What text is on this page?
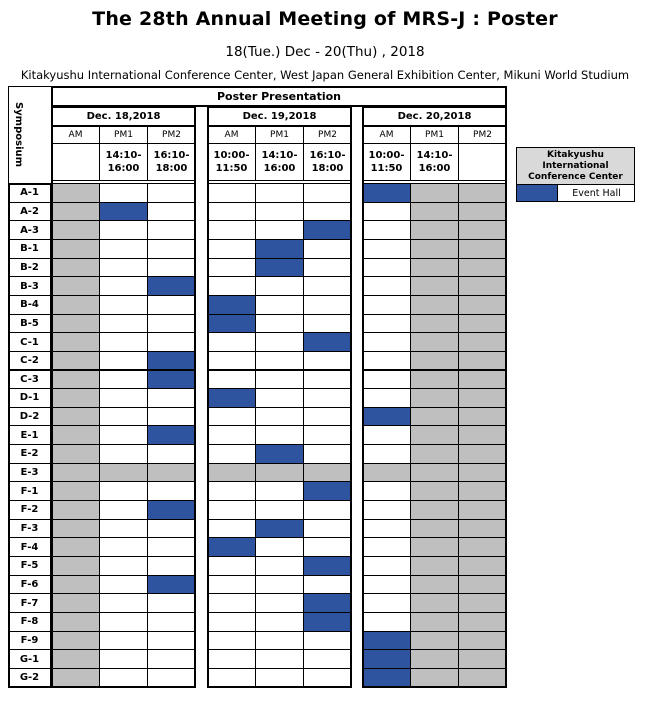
The 28th Annual Meeting of MRS-J : Poster
18(Tue.) Dec - 20(Thu) , 2018
Kitakyushu International Conference Center, West Japan General Exhibition Center, Mikuni World Studium
Symposium
Poster Presentation
Dec. 18,2018
AM	PM1
14:10-
16:00
PM2
16:10-
18:00
Dec. 19,2018
AM
10:00-
11:50
PM1
14:10-
16:00
PM2
16:10-
18:00
Dec. 20,2018
AM
10:00-
11:50
PM1
14:10-
16:00
PM2
A-1
A-2
A-3
B-1
B-2
B-3
B-4
B-5
C-1
C-2
C-3
D-1
D-2
E-1
E-2
E-3
F-1
F-2
F-3
F-4
F-5
F-6
F-7
F-8
F-9
G-1
G-2
Kitakyushu
International
Conference Center
Event Hall
